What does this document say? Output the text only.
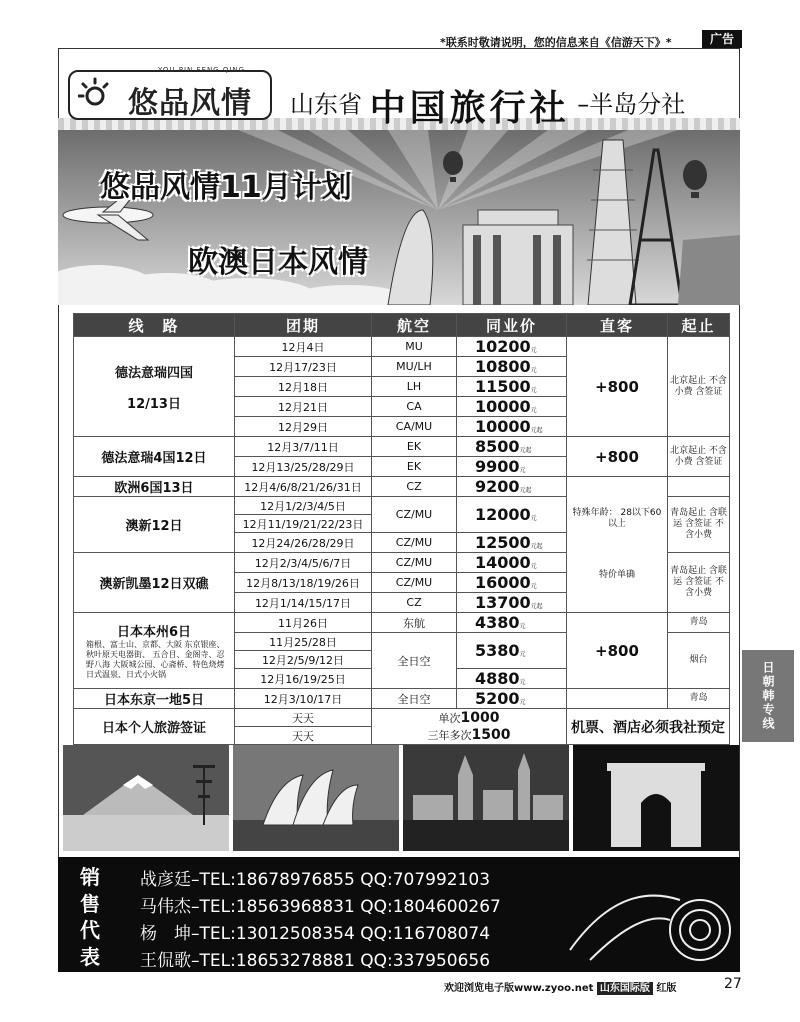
*联系时敬请说明，您的信息来自《信游天下》*	广告
YOU PIN FENG QING
悠品风情 山东省 中国旅行社 –半岛分社
悠品风情11月计划
欧澳日本风情
线　路	团期	航空	同业价	直客	起止

德法意瑞四国
12/13日	12月4日	MU	10200元	+800	北京起止 不含小费 含签证
	12月17/23日	MU/LH	10800元		
	12月18日	LH	11500元		
	12月21日	CA	10000元		
	12月29日	CA/MU	10000元起		
德法意瑞4国12日	12月3/7/11日	EK	8500元起	+800	北京起止 不含小费 含签证
	12月13/25/28/29日	EK	9900元		
欧洲6国13日	12月4/6/8/21/26/31日	CZ	9200元起	特殊年龄： 28以下60以上
特价单确	

澳新12日	12月1/2/3/4/5日	CZ/MU	12000元		青岛起止 含联运 含签证 不含小费
	12月11/19/21/22/23日				
	12月24/26/28/29日	CZ/MU	12500元起		
澳新凯墨12日双礁	12月2/3/4/5/6/7日	CZ/MU	14000元		青岛起止 含联运 含签证 不含小费
	12月8/13/18/19/26日	CZ/MU	16000元		
	12月1/14/15/17日	CZ	13700元起		

日本本州6日
箱根、富士山、京都、大阪 东京银座、秋叶原天电器街、 五合目、金阁寺、忍野八海 大阪城公园、心斋桥、特色烧烤 日式温泉、日式小火锅	11月26日	东航	4380元	+800	青岛
	11月25/28日	全日空	5380元		烟台
	12月2/5/9/12日				
	12月16/19/25日		4880元		
日本东京一地5日	12月3/10/17日	全日空	5200元		青岛
日本个人旅游签证	天天	单次1000		机票、酒店必须我社预定	
	天天	三年多次1500			
日朝韩专线
销
售
代
表
战彦廷–TEL:18678976855 QQ:707992103
马伟杰–TEL:18563968831 QQ:1804600267
杨　坤–TEL:13012508354 QQ:116708074
王侃歌–TEL:18653278881 QQ:337950656
欢迎浏览电子版www.zyoo.net 山东国际版 红版	27
